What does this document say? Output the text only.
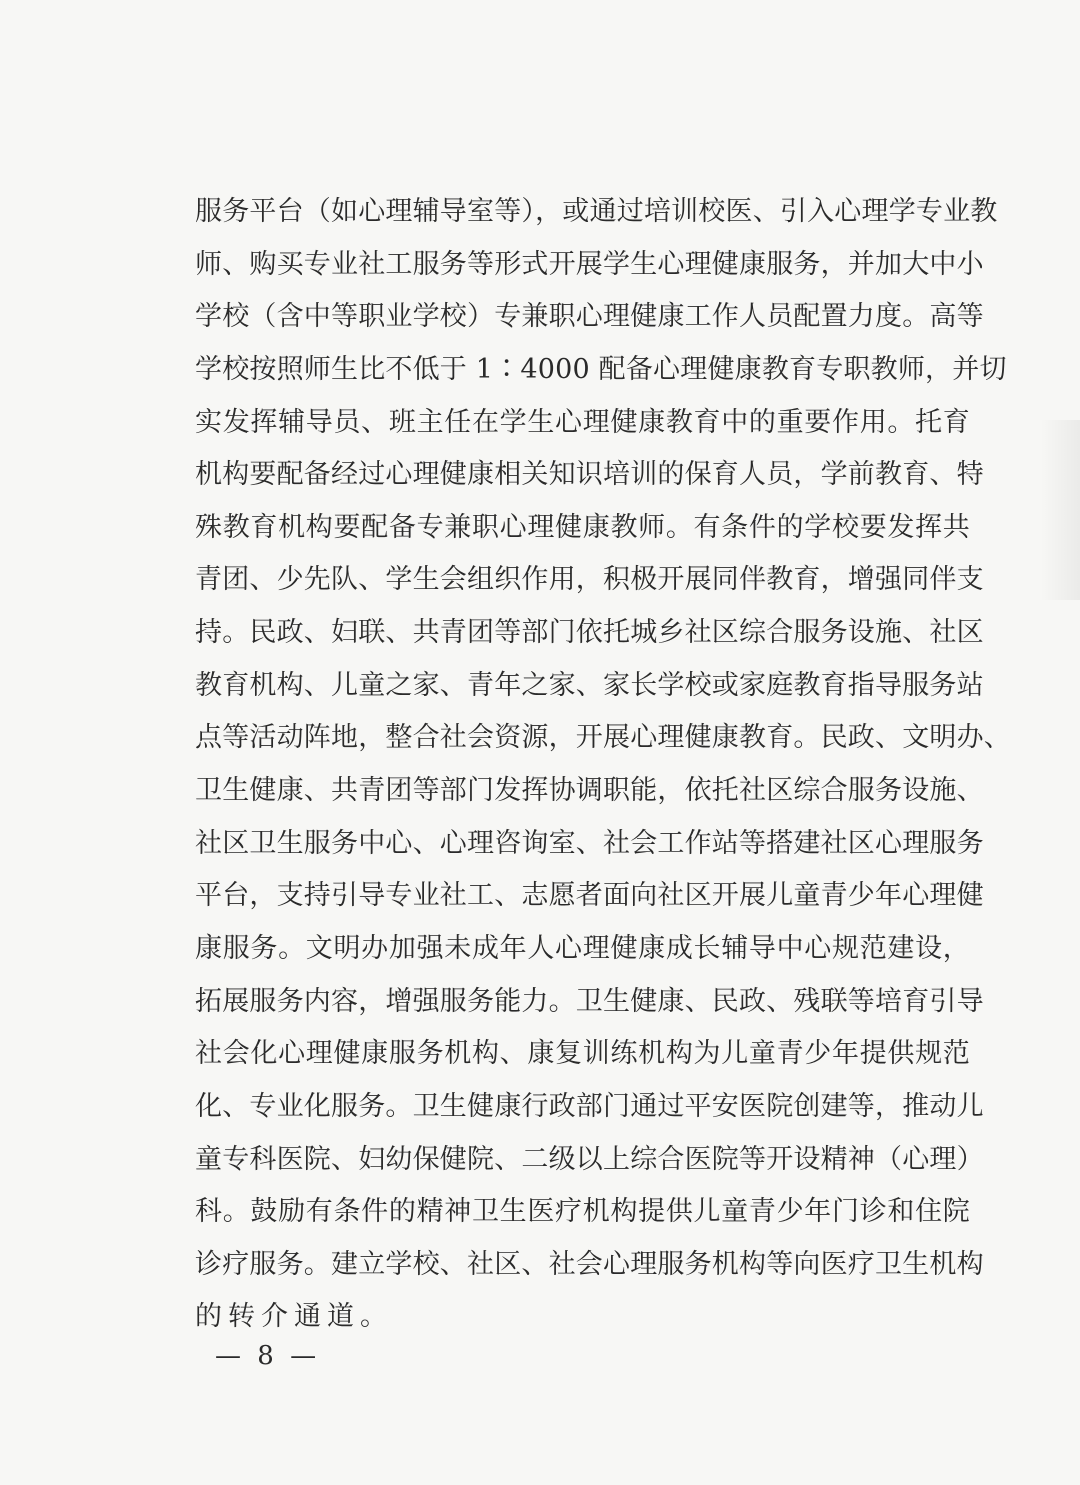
服务平台（如心理辅导室等），或通过培训校医、引入心理学专业教
师、购买专业社工服务等形式开展学生心理健康服务，并加大中小
学校（含中等职业学校）专兼职心理健康工作人员配置力度。高等
学校按照师生比不低于 1∶4000 配备心理健康教育专职教师，并切
实发挥辅导员、班主任在学生心理健康教育中的重要作用。托育
机构要配备经过心理健康相关知识培训的保育人员，学前教育、特
殊教育机构要配备专兼职心理健康教师。有条件的学校要发挥共
青团、少先队、学生会组织作用，积极开展同伴教育，增强同伴支
持。民政、妇联、共青团等部门依托城乡社区综合服务设施、社区
教育机构、儿童之家、青年之家、家长学校或家庭教育指导服务站
点等活动阵地，整合社会资源，开展心理健康教育。民政、文明办、
卫生健康、共青团等部门发挥协调职能，依托社区综合服务设施、
社区卫生服务中心、心理咨询室、社会工作站等搭建社区心理服务
平台，支持引导专业社工、志愿者面向社区开展儿童青少年心理健
康服务。文明办加强未成年人心理健康成长辅导中心规范建设，
拓展服务内容，增强服务能力。卫生健康、民政、残联等培育引导
社会化心理健康服务机构、康复训练机构为儿童青少年提供规范
化、专业化服务。卫生健康行政部门通过平安医院创建等，推动儿
童专科医院、妇幼保健院、二级以上综合医院等开设精神（心理）
科。鼓励有条件的精神卫生医疗机构提供儿童青少年门诊和住院
诊疗服务。建立学校、社区、社会心理服务机构等向医疗卫生机构
的转介通道。
— 8 —
